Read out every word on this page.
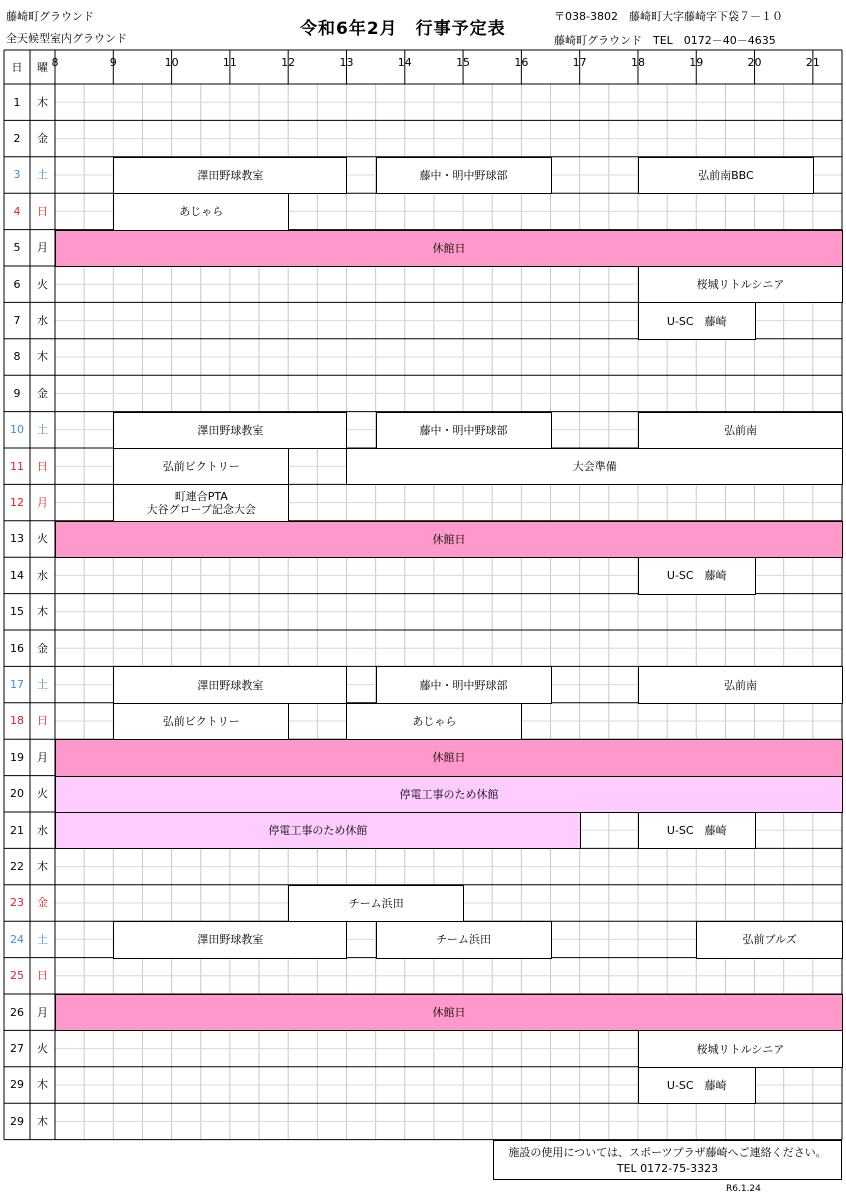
藤崎町グラウンド
全天候型室内グラウンド	令和6年2月　行事予定表
〒038-3802　藤崎町大字藤崎字下袋７－１０
藤崎町グラウンド　TEL　0172－40－4635
日	曜 8	9	10	11	12	13	14	15	16	17	18	19	20	21
1	木
2	金
3	土	澤田野球教室	藤中・明中野球部	弘前南BBC
4	日	あじゃら
5	月	休館日
6	火	桜城リトルシニア
7	水	U-SC　藤崎
8	木
9	金
10	土	澤田野球教室	藤中・明中野球部	弘前南
11	日	弘前ビクトリー	大会準備
12	月	町連合PTA
大谷グローブ記念大会
13	火	休館日
14	水	U-SC　藤崎
15	木
16	金
17	土	澤田野球教室	藤中・明中野球部	弘前南
18	日	弘前ビクトリー	あじゃら
19	月	休館日
20	火	停電工事のため休館
21	水	停電工事のため休館	U-SC　藤崎
22	木
23	金	チーム浜田
24	土	澤田野球教室	チーム浜田	弘前ブルズ
25	日
26	月	休館日
27	火	桜城リトルシニア
29	木	U-SC　藤崎
29	木
施設の使用については、スポーツプラザ藤崎へご連絡ください。
TEL 0172-75-3323
R6.1.24
